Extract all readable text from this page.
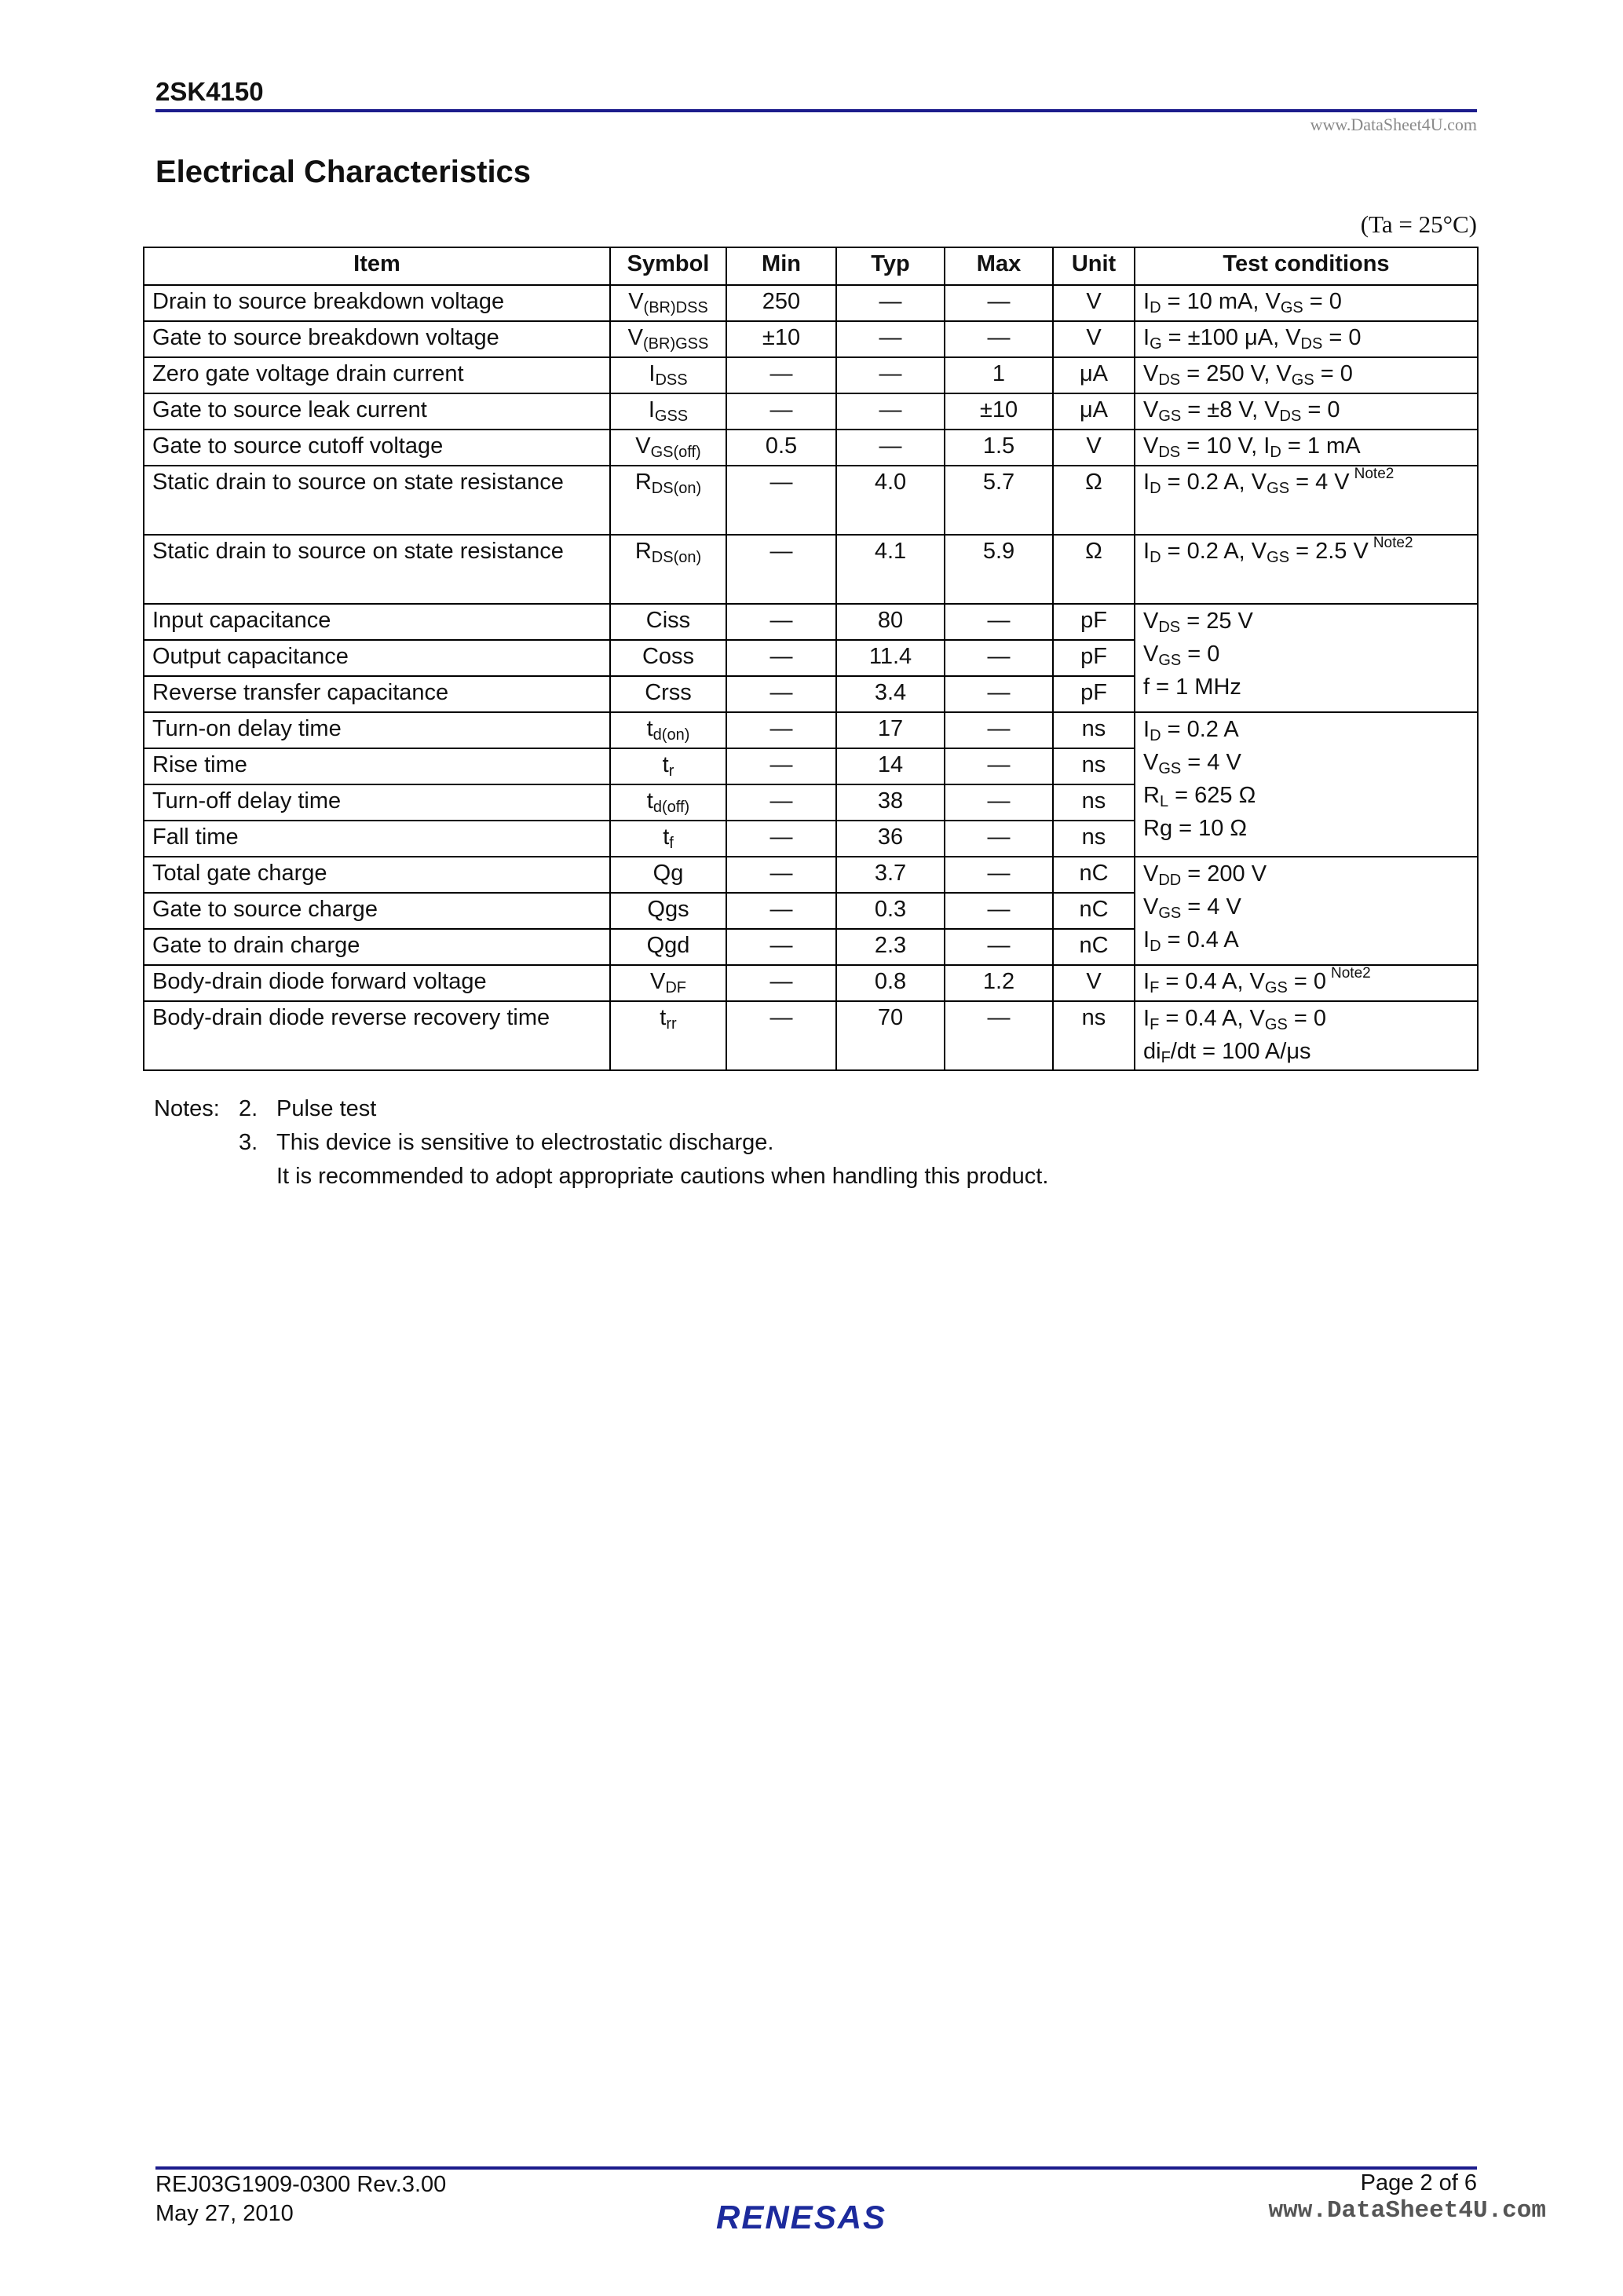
2SK4150
www.DataSheet4U.com
Electrical Characteristics
(Ta = 25°C)
Item	Symbol	Min	Typ	Max	Unit	Test conditions
Drain to source breakdown voltage	$V_{(BR)DSS}$	250	—	—	V	$I_D = 10$ mA, $V_{GS} = 0$
Gate to source breakdown voltage	$V_{(BR)GSS}$	±10	—	—	V	$I_G = \pm 100$ μA, $V_{DS} = 0$
Zero gate voltage drain current	$I_{DSS}$	—	—	1	μA	$V_{DS} = 250$ V, $V_{GS} = 0$
Gate to source leak current	$I_{GSS}$	—	—	±10	μA	$V_{GS} = \pm 8$ V, $V_{DS} = 0$
Gate to source cutoff voltage	$V_{GS(off)}$	0.5	—	1.5	V	$V_{DS} = 10$ V, $I_D = 1$ mA
Static drain to source on state resistance	$R_{DS(on)}$	—	4.0	5.7	Ω	$I_D = 0.2$ A, $V_{GS} = 4$ V $^{Note2}$
Static drain to source on state resistance	$R_{DS(on)}$	—	4.1	5.9	Ω	$I_D = 0.2$ A, $V_{GS} = 2.5$ V $^{Note2}$
Input capacitance	Ciss	—	80	—	pF	$V_{DS} = 25$ V
$V_{GS} = 0$
f = 1 MHz

Output capacitance	Coss	—	11.4	—	pF	
Reverse transfer capacitance	Crss	—	3.4	—	pF	
Turn-on delay time	$t_{d(on)}$	—	17	—	ns	$I_D = 0.2$ A
$V_{GS} = 4$ V
$R_L = 625$ Ω
Rg = 10 Ω

Rise time	$t_r$	—	14	—	ns	
Turn-off delay time	$t_{d(off)}$	—	38	—	ns	
Fall time	$t_f$	—	36	—	ns	
Total gate charge	Qg	—	3.7	—	nC	$V_{DD} = 200$ V
$V_{GS} = 4$ V
$I_D = 0.4$ A

Gate to source charge	Qgs	—	0.3	—	nC	
Gate to drain charge	Qgd	—	2.3	—	nC	
Body-drain diode forward voltage	$V_{DF}$	—	0.8	1.2	V	$I_F = 0.4$ A, $V_{GS} = 0$ $^{Note2}$
Body-drain diode reverse recovery time	$t_{rr}$	—	70	—	ns	$I_F = 0.4$ A, $V_{GS} = 0$
$di_F/dt = 100$ A/μs
Notes: 2. Pulse test
3. This device is sensitive to electrostatic discharge.
It is recommended to adopt appropriate cautions when handling this product.
REJ03G1909-0300 Rev.3.00
May 27, 2010
Page 2 of 6
RENESAS	www.DataSheet4U.com
